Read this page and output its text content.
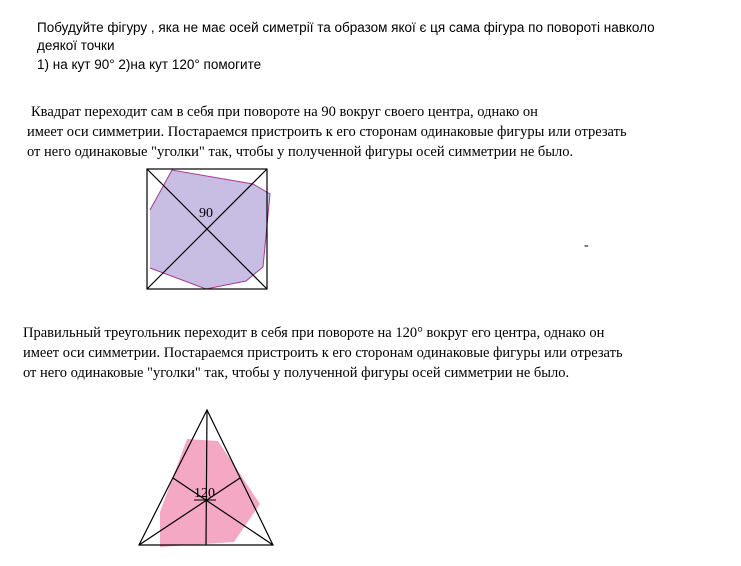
Побудуйте фігуру , яка не має осей симетрії та образом якої є ця сама фігура по повороті навколо
деякої точки
1) на кут 90° 2)на кут 120° помогите
Квадрат переходит сам в себя при повороте на 90 вокруг своего центра, однако он
имеет оси симметрии. Постараемся пристроить к его сторонам одинаковые фигуры или отрезать
от него одинаковые "уголки" так, чтобы у полученной фигуры осей симметрии не было.
90
-
Правильный треугольник переходит в себя при повороте на 120° вокруг его центра, однако он
имеет оси симметрии. Постараемся пристроить к его сторонам одинаковые фигуры или отрезать
от него одинаковые "уголки" так, чтобы у полученной фигуры осей симметрии не было.
120
